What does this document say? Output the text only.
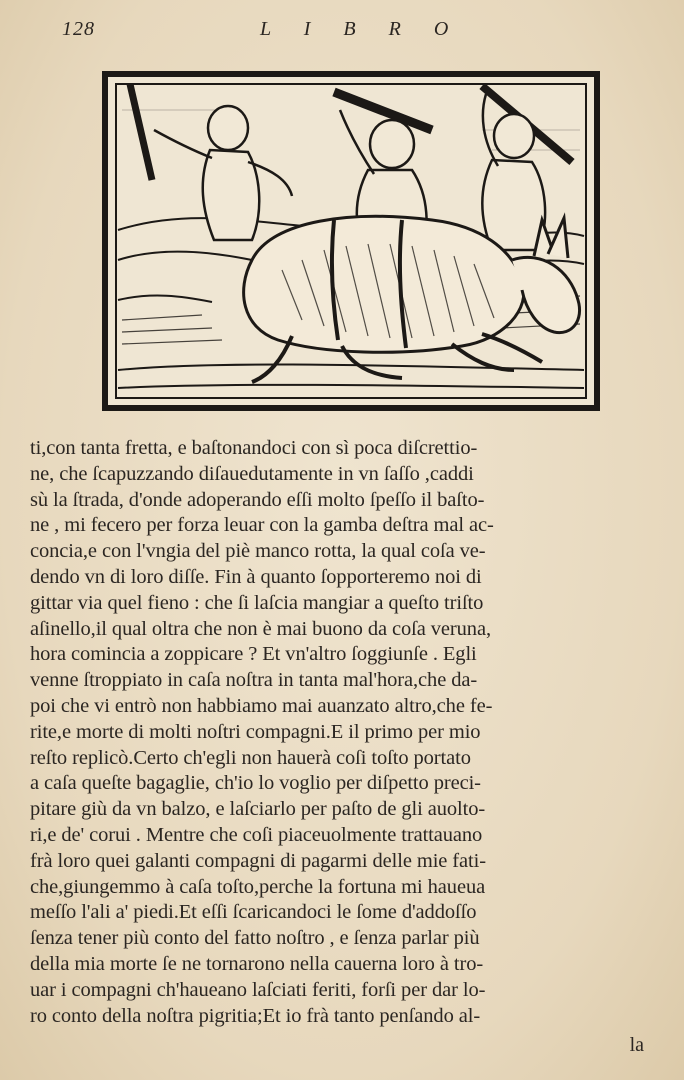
128	L I B R O
ti,con tanta fretta, e baſtonandoci con sì poca diſcrettio-
ne, che ſcapuzzando diſauedutamente in vn ſaſſo ,caddi
sù la ſtrada, d'onde adoperando eſſi molto ſpeſſo il baſto-
ne , mi fecero per forza leuar con la gamba deſtra mal ac-
concia,e con l'vngia del piè manco rotta, la qual coſa ve-
dendo vn di loro diſſe. Fin à quanto ſopporteremo noi di
gittar via quel fieno : che ſi laſcia mangiar a queſto triſto
aſinello,il qual oltra che non è mai buono da coſa veruna,
hora comincia a zoppicare ? Et vn'altro ſoggiunſe . Egli
venne ſtroppiato in caſa noſtra in tanta mal'hora,che da-
poi che vi entrò non habbiamo mai auanzato altro,che fe-
rite,e morte di molti noſtri compagni.E il primo per mio
reſto replicò.Certo ch'egli non hauerà coſi toſto portato
a caſa queſte bagaglie, ch'io lo voglio per diſpetto preci-
pitare giù da vn balzo, e laſciarlo per paſto de gli auolto-
ri,e de' corui . Mentre che coſi piaceuolmente trattauano
frà loro quei galanti compagni di pagarmi delle mie fati-
che,giungemmo à caſa toſto,perche la fortuna mi haueua
meſſo l'ali a' piedi.Et eſſi ſcaricandoci le ſome d'addoſſo
ſenza tener più conto del fatto noſtro , e ſenza parlar più
della mia morte ſe ne tornarono nella cauerna loro à tro-
uar i compagni ch'haueano laſciati feriti, forſi per dar lo-
ro conto della noſtra pigritia;Et io frà tanto penſando al-
la
